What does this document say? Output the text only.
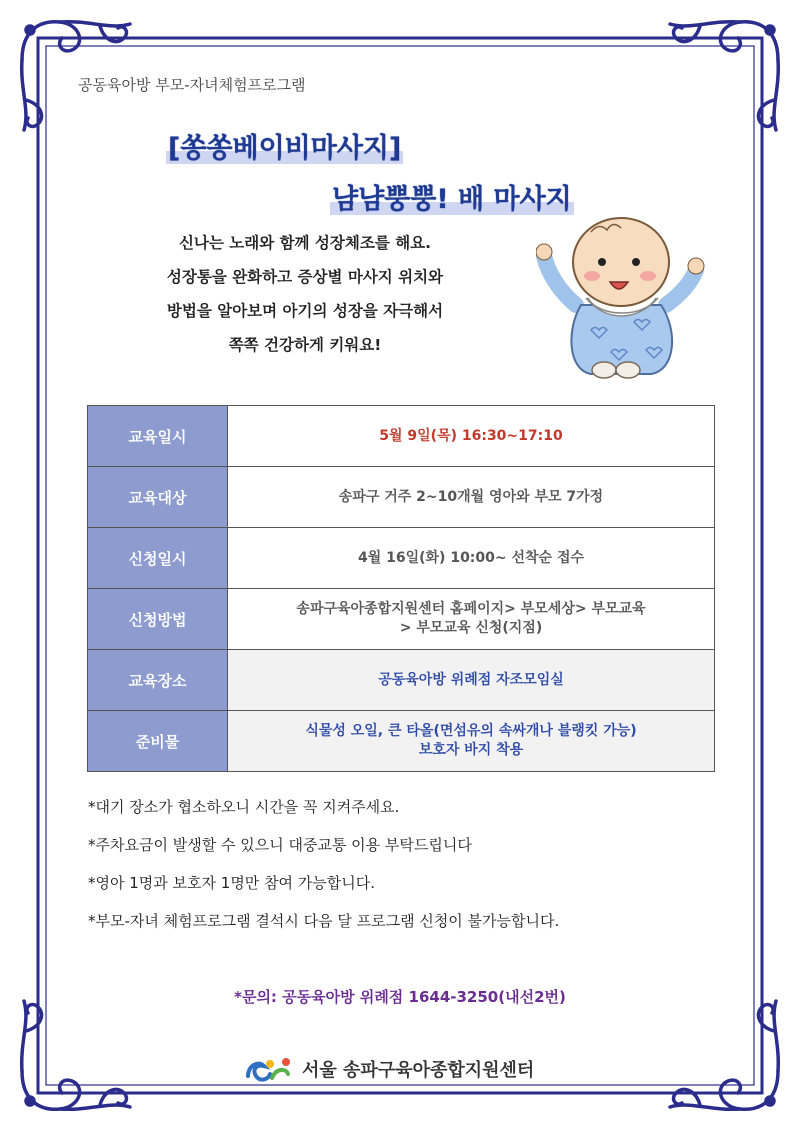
공동육아방 부모-자녀체험프로그램
[쏭쏭베이비마사지]
냠냠뿡뿡! 배 마사지
신나는 노래와 함께 성장체조를 해요.
성장통을 완화하고 증상별 마사지 위치와
방법을 알아보며 아기의 성장을 자극해서
쪽쪽 건강하게 키워요!
교육일시	5월 9일(목) 16:30~17:10
교육대상	송파구 거주 2~10개월 영아와 부모 7가정
신청일시	4월 16일(화) 10:00~ 선착순 접수
신청방법	송파구육아종합지원센터 홈페이지> 부모세상> 부모교육
> 부모교육 신청(지점)

교육장소	공동육아방 위례점 자조모임실
준비물	식물성 오일, 큰 타올(면섬유의 속싸개나 블랭킷 가능)
보호자 바지 착용
*대기 장소가 협소하오니 시간을 꼭 지켜주세요.
*주차요금이 발생할 수 있으니 대중교통 이용 부탁드립니다
*영아 1명과 보호자 1명만 참여 가능합니다.
*부모-자녀 체험프로그램 결석시 다음 달 프로그램 신청이 불가능합니다.
*문의: 공동육아방 위례점 1644-3250(내선2번)
서울 송파구육아종합지원센터
